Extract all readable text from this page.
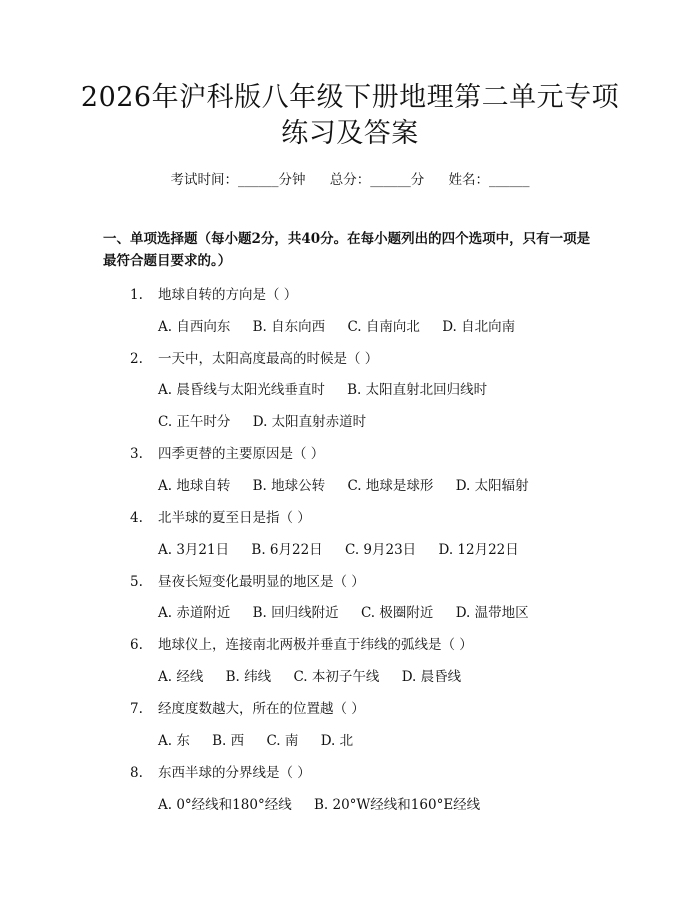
2026年沪科版八年级下册地理第二单元专项
练习及答案
考试时间：______分钟 总分：______分 姓名：______
一、单项选择题（每小题2分，共40分。在每小题列出的四个选项中，只有一项是最符合题目要求的。）
1. 地球自转的方向是（ ）
A. 自西向东 B. 自东向西 C. 自南向北 D. 自北向南
2. 一天中，太阳高度最高的时候是（ ）
A. 晨昏线与太阳光线垂直时 B. 太阳直射北回归线时
C. 正午时分 D. 太阳直射赤道时
3. 四季更替的主要原因是（ ）
A. 地球自转 B. 地球公转 C. 地球是球形 D. 太阳辐射
4. 北半球的夏至日是指（ ）
A. 3月21日 B. 6月22日 C. 9月23日 D. 12月22日
5. 昼夜长短变化最明显的地区是（ ）
A. 赤道附近 B. 回归线附近 C. 极圈附近 D. 温带地区
6. 地球仪上，连接南北两极并垂直于纬线的弧线是（ ）
A. 经线 B. 纬线 C. 本初子午线 D. 晨昏线
7. 经度度数越大，所在的位置越（ ）
A. 东 B. 西 C. 南 D. 北
8. 东西半球的分界线是（ ）
A. 0°经线和180°经线 B. 20°W经线和160°E经线
